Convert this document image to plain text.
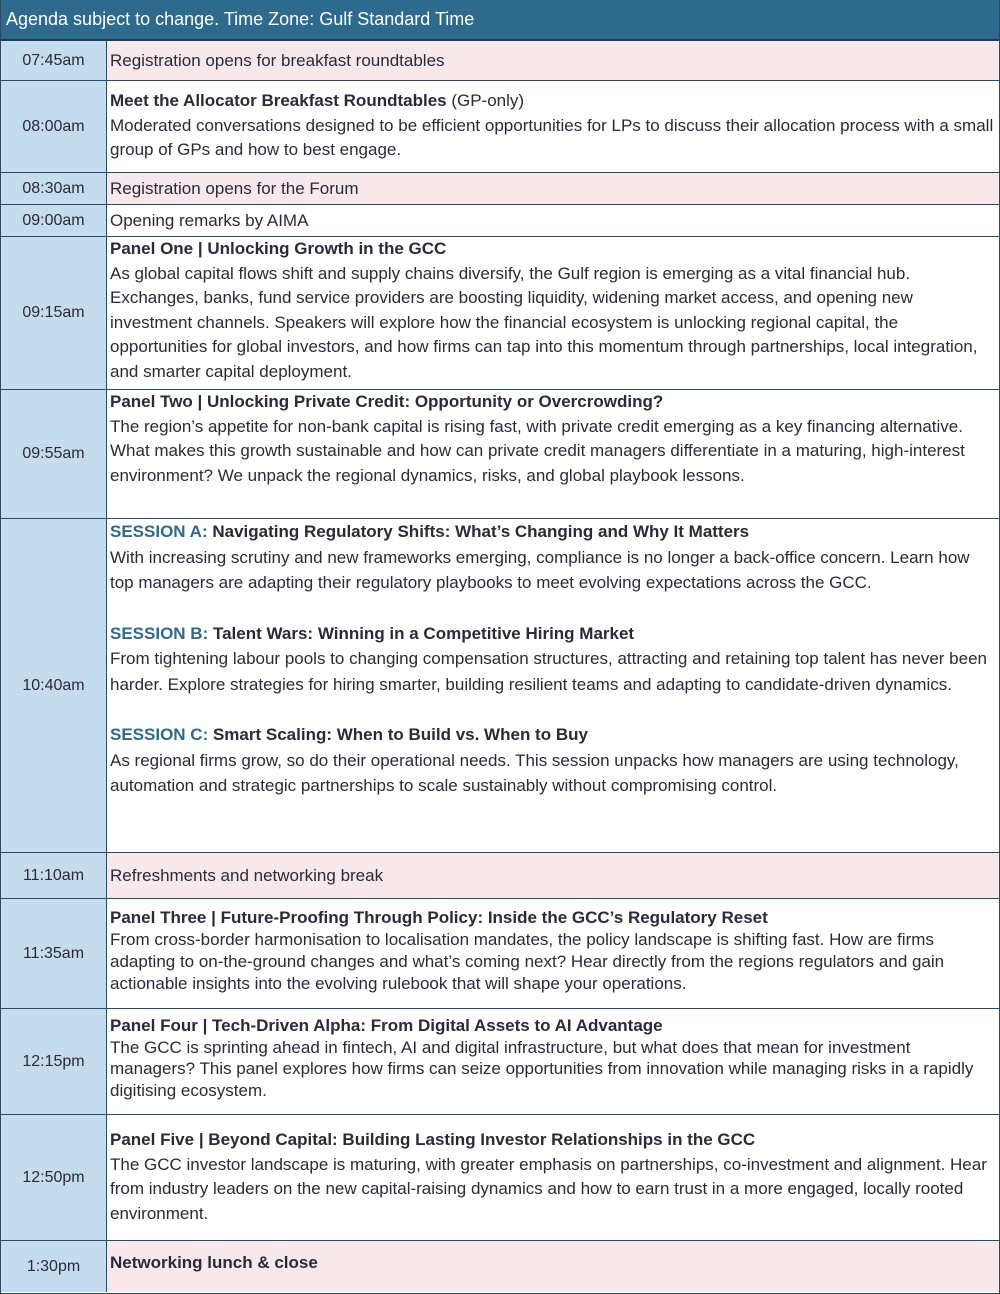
Agenda subject to change. Time Zone: Gulf Standard Time
07:45am	Registration opens for breakfast roundtables
08:00am
Meet the Allocator Breakfast Roundtables (GP-only)
Moderated conversations designed to be efficient opportunities for LPs to discuss their allocation process with a small group of GPs and how to best engage.
08:30am	Registration opens for the Forum
09:00am	Opening remarks by AIMA
09:15am
Panel One | Unlocking Growth in the GCC
As global capital flows shift and supply chains diversify, the Gulf region is emerging as a vital financial hub. Exchanges, banks, fund service providers are boosting liquidity, widening market access, and opening new investment channels. Speakers will explore how the financial ecosystem is unlocking regional capital, the opportunities for global investors, and how firms can tap into this momentum through partnerships, local integration, and smarter capital deployment.
09:55am
Panel Two | Unlocking Private Credit: Opportunity or Overcrowding?
The region’s appetite for non-bank capital is rising fast, with private credit emerging as a key financing alternative. What makes this growth sustainable and how can private credit managers differentiate in a maturing, high-interest environment? We unpack the regional dynamics, risks, and global playbook lessons.
10:40am
SESSION A: Navigating Regulatory Shifts: What’s Changing and Why It Matters
With increasing scrutiny and new frameworks emerging, compliance is no longer a back-office concern. Learn how top managers are adapting their regulatory playbooks to meet evolving expectations across the GCC.
SESSION B: Talent Wars: Winning in a Competitive Hiring Market
From tightening labour pools to changing compensation structures, attracting and retaining top talent has never been harder. Explore strategies for hiring smarter, building resilient teams and adapting to candidate-driven dynamics.
SESSION C: Smart Scaling: When to Build vs. When to Buy
As regional firms grow, so do their operational needs. This session unpacks how managers are using technology, automation and strategic partnerships to scale sustainably without compromising control.
11:10am	Refreshments and networking break
11:35am
Panel Three | Future-Proofing Through Policy: Inside the GCC’s Regulatory Reset
From cross-border harmonisation to localisation mandates, the policy landscape is shifting fast. How are firms adapting to on-the-ground changes and what’s coming next? Hear directly from the regions regulators and gain actionable insights into the evolving rulebook that will shape your operations.
12:15pm
Panel Four | Tech-Driven Alpha: From Digital Assets to AI Advantage
The GCC is sprinting ahead in fintech, AI and digital infrastructure, but what does that mean for investment managers? This panel explores how firms can seize opportunities from innovation while managing risks in a rapidly digitising ecosystem.
12:50pm
Panel Five | Beyond Capital: Building Lasting Investor Relationships in the GCC
The GCC investor landscape is maturing, with greater emphasis on partnerships, co-investment and alignment. Hear from industry leaders on the new capital-raising dynamics and how to earn trust in a more engaged, locally rooted environment.
1:30pm	Networking lunch & close
